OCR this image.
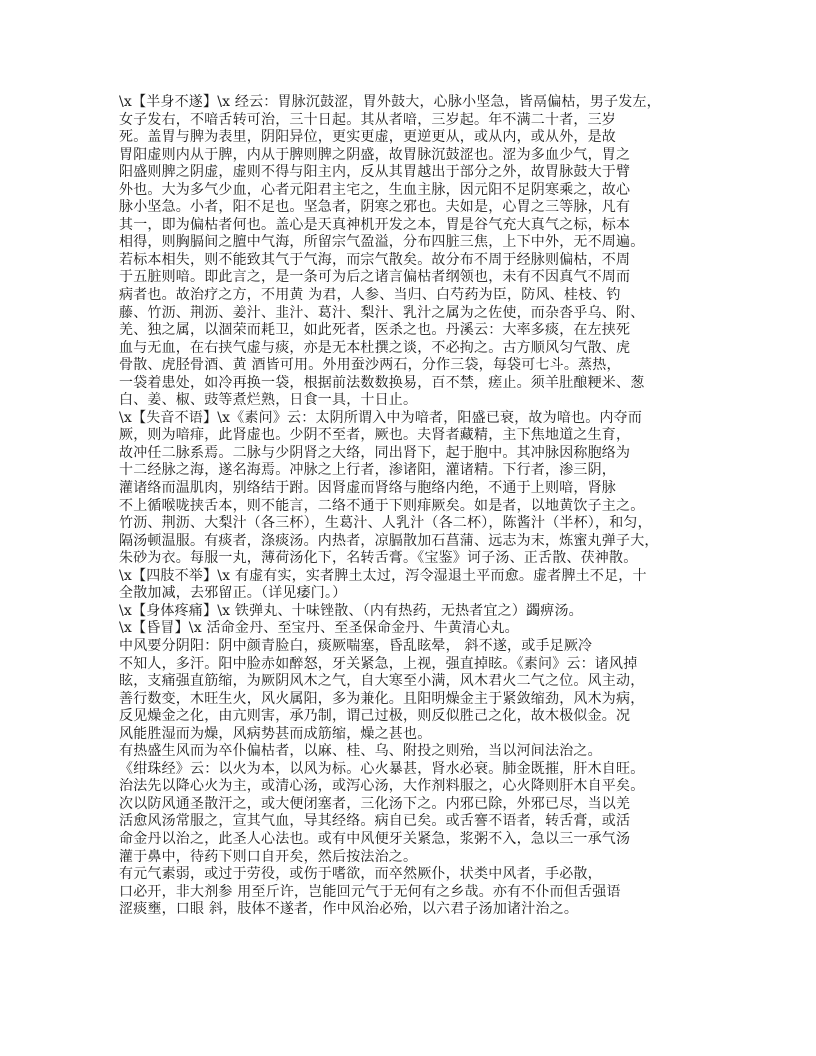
\x【半身不遂】\x 经云：胃脉沉鼓涩，胃外鼓大，心脉小坚急，皆鬲偏枯，男子发左，
女子发右，不喑舌转可治，三十日起。其从者喑，三岁起。年不满二十者，三岁
死。盖胃与脾为表里，阴阳异位，更实更虚，更逆更从，或从内，或从外，是故
胃阳虚则内从于脾，内从于脾则脾之阴盛，故胃脉沉鼓涩也。涩为多血少气，胃之
阳盛则脾之阴虚，虚则不得与阳主内，反从其胃越出于部分之外，故胃脉鼓大于臂
外也。大为多气少血，心者元阳君主宅之，生血主脉，因元阳不足阴寒乘之，故心
脉小坚急。小者，阳不足也。坚急者，阴寒之邪也。夫如是，心胃之三等脉，凡有
其一，即为偏枯者何也。盖心是天真神机开发之本，胃是谷气充大真气之标，标本
相得，则胸膈间之膻中气海，所留宗气盈溢，分布四脏三焦，上下中外，无不周遍。
若标本相失，则不能致其气于气海，而宗气散矣。故分布不周于经脉则偏枯，不周
于五脏则喑。即此言之，是一条可为后之诸言偏枯者纲领也，未有不因真气不周而
病者也。故治疗之方，不用黄 为君，人参、当归、白芍药为臣，防风、桂枝、钓
藤、竹沥、荆沥、姜汁、韭汁、葛汁、梨汁、乳汁之属为之佐使，而杂沓乎乌、附、
羌、独之属，以涸荣而耗卫，如此死者，医杀之也。丹溪云：大率多痰，在左挟死
血与无血，在右挟气虚与痰，亦是无本杜撰之谈，不必拘之。古方顺风匀气散、虎
骨散、虎胫骨酒、黄 酒皆可用。外用蚕沙两石，分作三袋，每袋可七斗。蒸热，
一袋着患处，如冷再换一袋，根据前法数数换易，百不禁，瘥止。须羊肚酿粳米、葱
白、姜、椒、豉等煮烂熟，日食一具，十日止。
\x【失音不语】\x《素问》云：太阴所谓入中为喑者，阳盛已衰，故为喑也。内夺而
厥，则为喑痱，此肾虚也。少阴不至者，厥也。夫肾者藏精，主下焦地道之生育，
故冲任二脉系焉。二脉与少阴肾之大络，同出肾下，起于胞中。其冲脉因称胞络为
十二经脉之海，遂名海焉。冲脉之上行者，渗诸阳，灌诸精。下行者，渗三阴，
灌诸络而温肌肉，别络结于跗。因肾虚而肾络与胞络内绝，不通于上则喑，肾脉
不上循喉咙挟舌本，则不能言，二络不通于下则痱厥矣。如是者，以地黄饮子主之。
竹沥、荆沥、大梨汁（各三杯），生葛汁、人乳汁（各二杯），陈酱汁（半杯），和匀，
隔汤顿温服。有痰者，涤痰汤。内热者，凉膈散加石菖蒲、远志为末，炼蜜丸弹子大，
朱砂为衣。每服一丸，薄荷汤化下，名转舌膏。《宝鉴》诃子汤、正舌散、茯神散。
\x【四肢不举】\x 有虚有实，实者脾土太过，泻令湿退土平而愈。虚者脾土不足，十
全散加减，去邪留正。（详见痿门。）
\x【身体疼痛】\x 铁弹丸、十味锉散、（内有热药，无热者宜之）蠲痹汤。
\x【昏冒】\x 活命金丹、至宝丹、至圣保命金丹、牛黄清心丸。
中风要分阴阳：阴中颜青脸白，痰厥喘塞，昏乱眩晕， 斜不遂，或手足厥冷
不知人，多汗。阳中脸赤如醉怒，牙关紧急，上视，强直掉眩。《素问》云：诸风掉
眩，支痛强直筋缩，为厥阴风木之气，自大寒至小满，风木君火二气之位。风主动，
善行数变，木旺生火，风火属阳，多为兼化。且阳明燥金主于紧敛缩劲，风木为病，
反见燥金之化，由亢则害，承乃制，谓己过极，则反似胜己之化，故木极似金。况
风能胜湿而为燥，风病势甚而成筋缩，燥之甚也。
有热盛生风而为卒仆偏枯者，以麻、桂、乌、附投之则殆，当以河间法治之。
《绀珠经》云：以火为本，以风为标。心火暴甚，肾水必衰。肺金既摧，肝木自旺。
治法先以降心火为主，或清心汤，或泻心汤，大作剂料服之，心火降则肝木自平矣。
次以防风通圣散汗之，或大便闭塞者，三化汤下之。内邪已除，外邪已尽，当以羌
活愈风汤常服之，宣其气血，导其经络。病自已矣。或舌謇不语者，转舌膏，或活
命金丹以治之，此圣人心法也。或有中风便牙关紧急，浆粥不入，急以三一承气汤
灌于鼻中，待药下则口自开矣，然后按法治之。
有元气素弱，或过于劳役，或伤于嗜欲，而卒然厥仆，状类中风者，手必散，
口必开，非大剂参 用至斤许，岂能回元气于无何有之乡哉。亦有不仆而但舌强语
涩痰壅，口眼 斜，肢体不遂者，作中风治必殆，以六君子汤加诸汁治之。
